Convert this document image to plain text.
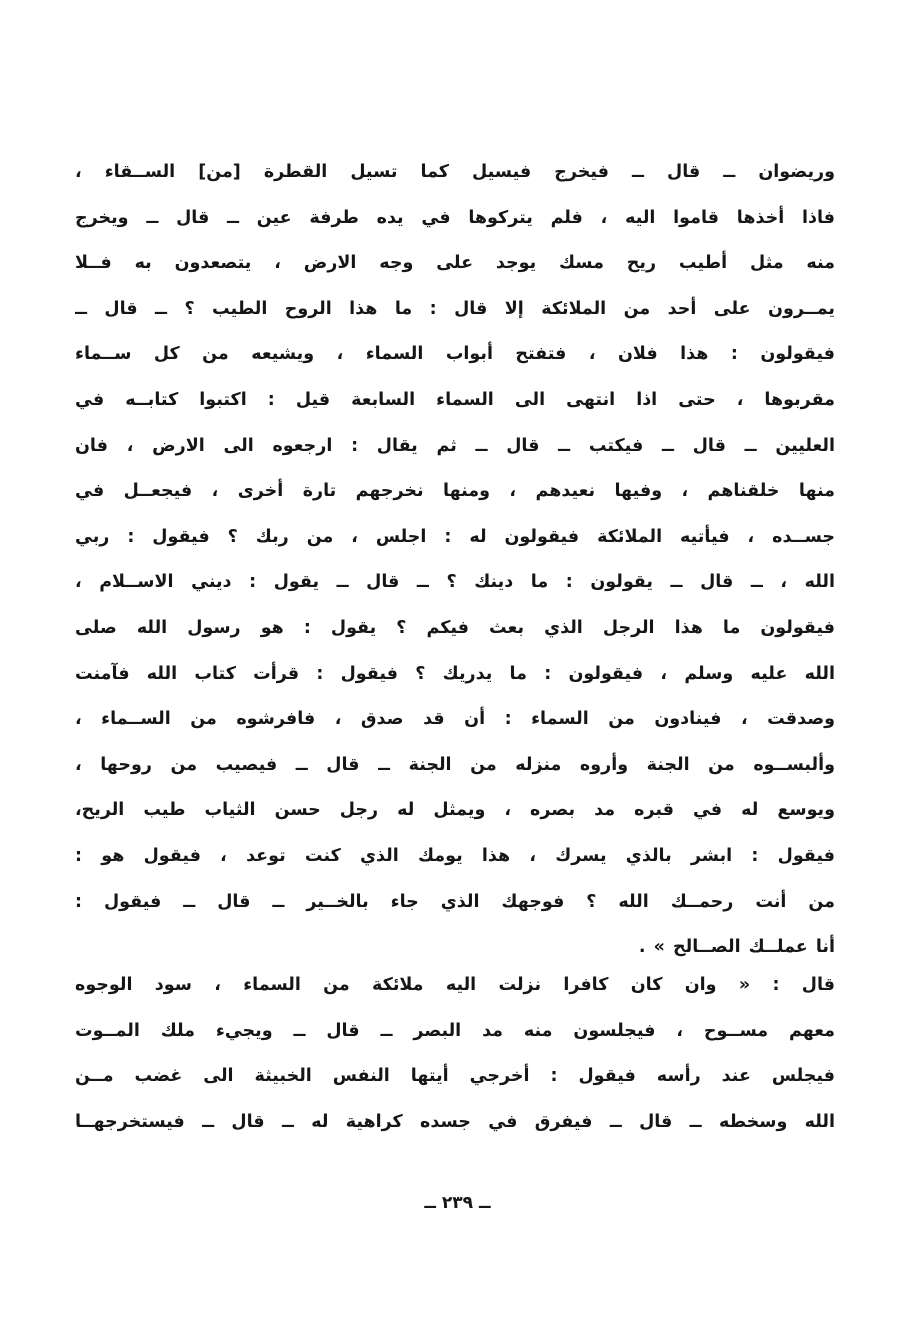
وريضوان ــ قال ــ فيخرج فيسيل كما تسيل القطرة [من] الســقاء ،
فاذا أخذها قاموا اليه ، فلم يتركوها في يده طرفة عين ــ قال ــ ويخرج
منه مثل أطيب ريح مسك يوجد على وجه الارض ، يتصعدون به فــلا
يمــرون على أحد من الملائكة إلا قال : ما هذا الروح الطيب ؟ ــ قال ــ
فيقولون : هذا فلان ، فتفتح أبواب السماء ، ويشيعه من كل ســماء
مقربوها ، حتى اذا انتهى الى السماء السابعة قيل : اكتبوا كتابــه في
العليين ــ قال ــ فيكتب ــ قال ــ ثم يقال : ارجعوه الى الارض ، فان
منها خلقناهم ، وفيها نعيدهم ، ومنها نخرجهم تارة أخرى ، فيجعــل في
جســده ، فيأتيه الملائكة فيقولون له : اجلس ، من ربك ؟ فيقول : ربي
الله ، ــ قال ــ يقولون : ما دينك ؟ ــ قال ــ يقول : ديني الاســلام ،
فيقولون ما هذا الرجل الذي بعث فيكم ؟ يقول : هو رسول الله صلى
الله عليه وسلم ، فيقولون : ما يدريك ؟ فيقول : قرأت كتاب الله فآمنت
وصدقت ، فينادون من السماء : أن قد صدق ، فافرشوه من الســماء ،
وألبســوه من الجنة وأروه منزله من الجنة ــ قال ــ فيصيب من روحها ،
ويوسع له في قبره مد بصره ، ويمثل له رجل حسن الثياب طيب الريح،
فيقول : ابشر بالذي يسرك ، هذا يومك الذي كنت توعد ، فيقول هو :
من أنت رحمــك الله ؟ فوجهك الذي جاء بالخــير ــ قال ــ فيقول :
أنا عملــك الصــالح » .
قال : « وان كان كافرا نزلت اليه ملائكة من السماء ، سود الوجوه
معهم مســوح ، فيجلسون منه مد البصر ــ قال ــ ويجيء ملك المــوت
فيجلس عند رأسه فيقول : أخرجي أيتها النفس الخبيثة الى غضب مــن
الله وسخطه ــ قال ــ فيفرق في جسده كراهية له ــ قال ــ فيستخرجهــا
ــ ٢٣٩ ــ
